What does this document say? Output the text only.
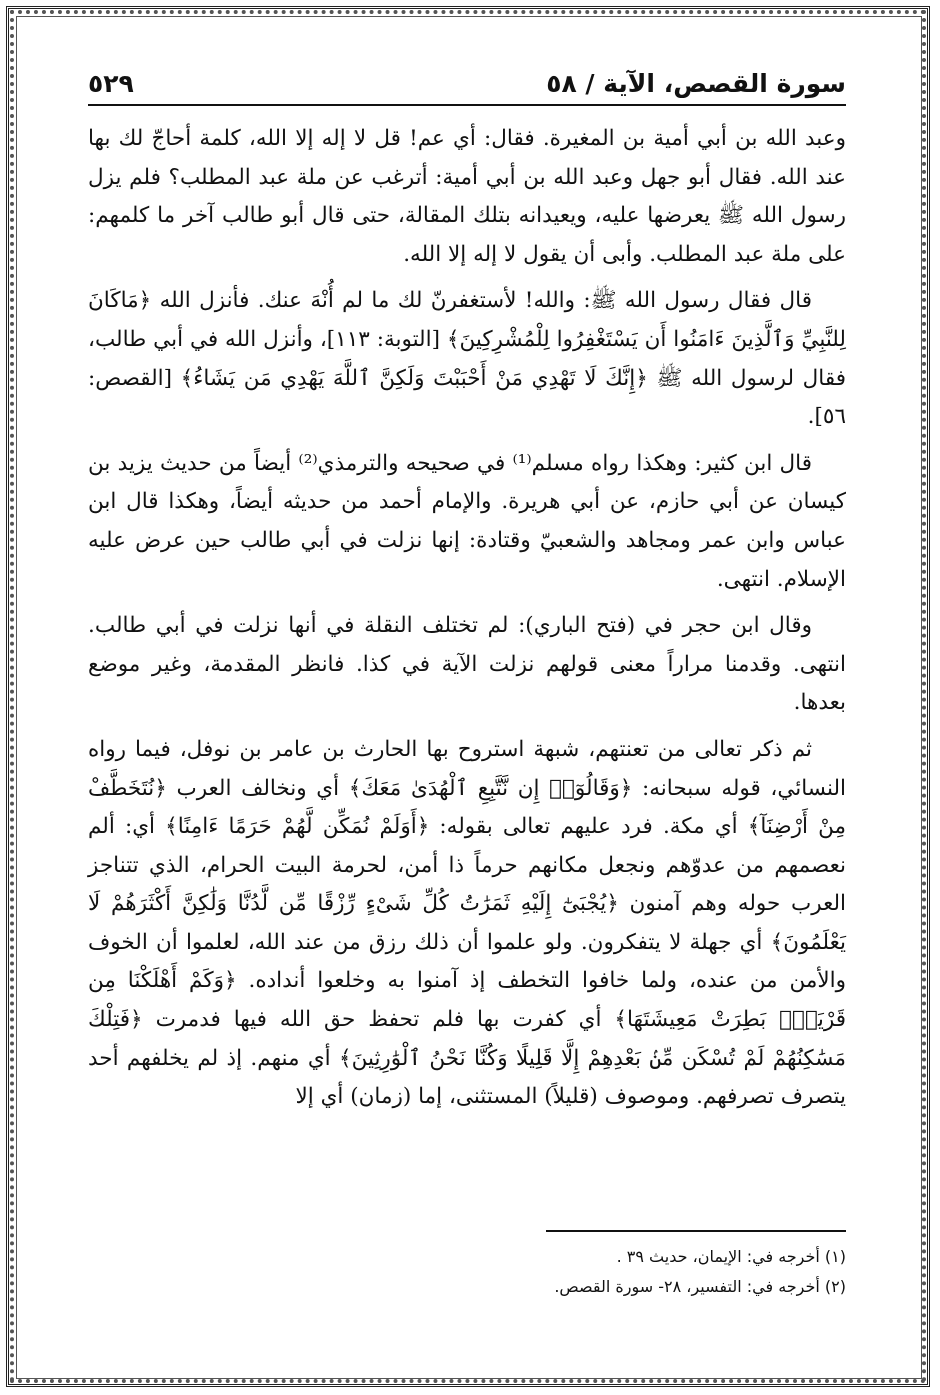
سورة القصص، الآية / ٥٨
٥٢٩

وعبد الله بن أبي أمية بن المغيرة. فقال: أي عم! قل لا إله إلا الله، كلمة أحاجّ لك بها عند الله. فقال أبو جهل وعبد الله بن أبي أمية: أترغب عن ملة عبد المطلب؟ فلم يزل رسول الله ﷺ يعرضها عليه، ويعيدانه بتلك المقالة، حتى قال أبو طالب آخر ما كلمهم: على ملة عبد المطلب. وأبى أن يقول لا إله إلا الله.

قال فقال رسول الله ﷺ: والله! لأستغفرنّ لك ما لم أُنْهَ عنك. فأنزل الله ﴿مَاكَانَ لِلنَّبِيِّ وَٱلَّذِينَ ءَامَنُوا أَن يَسْتَغْفِرُوا لِلْمُشْرِكِينَ﴾ [التوبة: ١١٣]، وأنزل الله في أبي طالب، فقال لرسول الله ﷺ ﴿إِنَّكَ لَا تَهْدِي مَنْ أَحْبَبْتَ وَلَكِنَّ ٱللَّهَ يَهْدِي مَن يَشَاءُ﴾ [القصص: ٥٦].

قال ابن كثير: وهكذا رواه مسلم⁽¹⁾ في صحيحه والترمذي⁽²⁾ أيضاً من حديث يزيد بن كيسان عن أبي حازم، عن أبي هريرة. والإمام أحمد من حديثه أيضاً، وهكذا قال ابن عباس وابن عمر ومجاهد والشعبيّ وقتادة: إنها نزلت في أبي طالب حين عرض عليه الإسلام. انتهى.

وقال ابن حجر في (فتح الباري): لم تختلف النقلة في أنها نزلت في أبي طالب. انتهى. وقدمنا مراراً معنى قولهم نزلت الآية في كذا. فانظر المقدمة، وغير موضع بعدها.

ثم ذكر تعالى من تعنتهم، شبهة استروح بها الحارث بن عامر بن نوفل، فيما رواه النسائي، قوله سبحانه: ﴿وَقَالُوٓا۟ إِن نَّتَّبِعِ ٱلْهُدَىٰ مَعَكَ﴾ أي ونخالف العرب ﴿نُتَخَطَّفْ مِنْ أَرْضِنَآ﴾ أي مكة. فرد عليهم تعالى بقوله: ﴿أَوَلَمْ نُمَكِّن لَّهُمْ حَرَمًا ءَامِنًا﴾ أي: ألم نعصمهم من عدوّهم ونجعل مكانهم حرماً ذا أمن، لحرمة البيت الحرام، الذي تتناجز العرب حوله وهم آمنون ﴿يُجْبَىٰٓ إِلَيْهِ ثَمَرَٰتُ كُلِّ شَىْءٍ رِّزْقًا مِّن لَّدُنَّا وَلَٰكِنَّ أَكْثَرَهُمْ لَا يَعْلَمُونَ﴾ أي جهلة لا يتفكرون. ولو علموا أن ذلك رزق من عند الله، لعلموا أن الخوف والأمن من عنده، ولما خافوا التخطف إذ آمنوا به وخلعوا أنداده. ﴿وَكَمْ أَهْلَكْنَا مِن قَرْيَةٍۭ بَطِرَتْ مَعِيشَتَهَا﴾ أي كفرت بها فلم تحفظ حق الله فيها فدمرت ﴿فَتِلْكَ مَسَٰكِنُهُمْ لَمْ تُسْكَن مِّنۢ بَعْدِهِمْ إِلَّا قَلِيلًا وَكُنَّا نَحْنُ ٱلْوَٰرِثِينَ﴾ أي منهم. إذ لم يخلفهم أحد يتصرف تصرفهم. وموصوف (قليلاً) المستثنى، إما (زمان) أي إلا

(١) أخرجه في: الإيمان، حديث ٣٩ .

(٢) أخرجه في: التفسير، ٢٨- سورة القصص.
